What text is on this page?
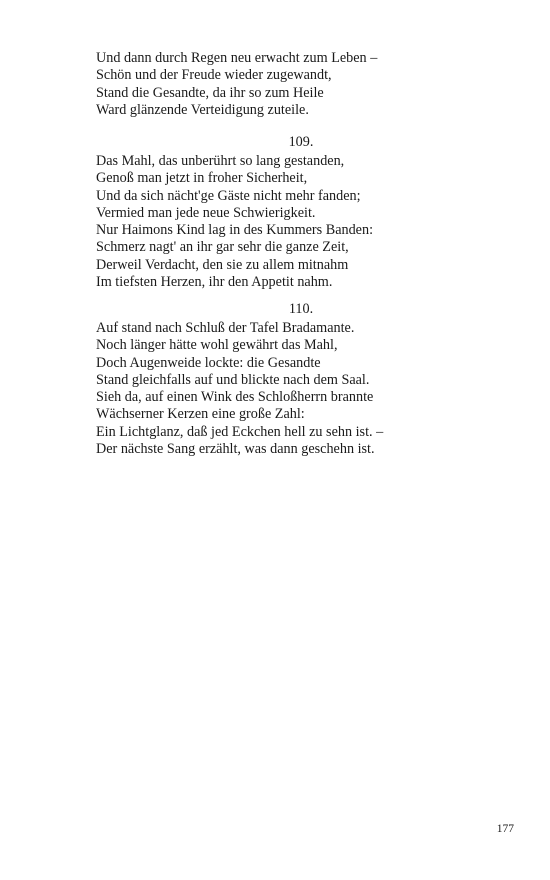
Und dann durch Regen neu erwacht zum Leben –

Schön und der Freude wieder zugewandt,

Stand die Gesandte, da ihr so zum Heile

Ward glänzende Verteidigung zuteile.

109.

Das Mahl, das unberührt so lang gestanden,

Genoß man jetzt in froher Sicherheit,

Und da sich nächt'ge Gäste nicht mehr fanden;

Vermied man jede neue Schwierigkeit.

Nur Haimons Kind lag in des Kummers Banden:

Schmerz nagt' an ihr gar sehr die ganze Zeit,

Derweil Verdacht, den sie zu allem mitnahm

Im tiefsten Herzen, ihr den Appetit nahm.

110.

Auf stand nach Schluß der Tafel Bradamante.

Noch länger hätte wohl gewährt das Mahl,

Doch Augenweide lockte: die Gesandte

Stand gleichfalls auf und blickte nach dem Saal.

Sieh da, auf einen Wink des Schloßherrn brannte

Wächserner Kerzen eine große Zahl:

Ein Lichtglanz, daß jed Eckchen hell zu sehn ist. –

Der nächste Sang erzählt, was dann geschehn ist.

177
